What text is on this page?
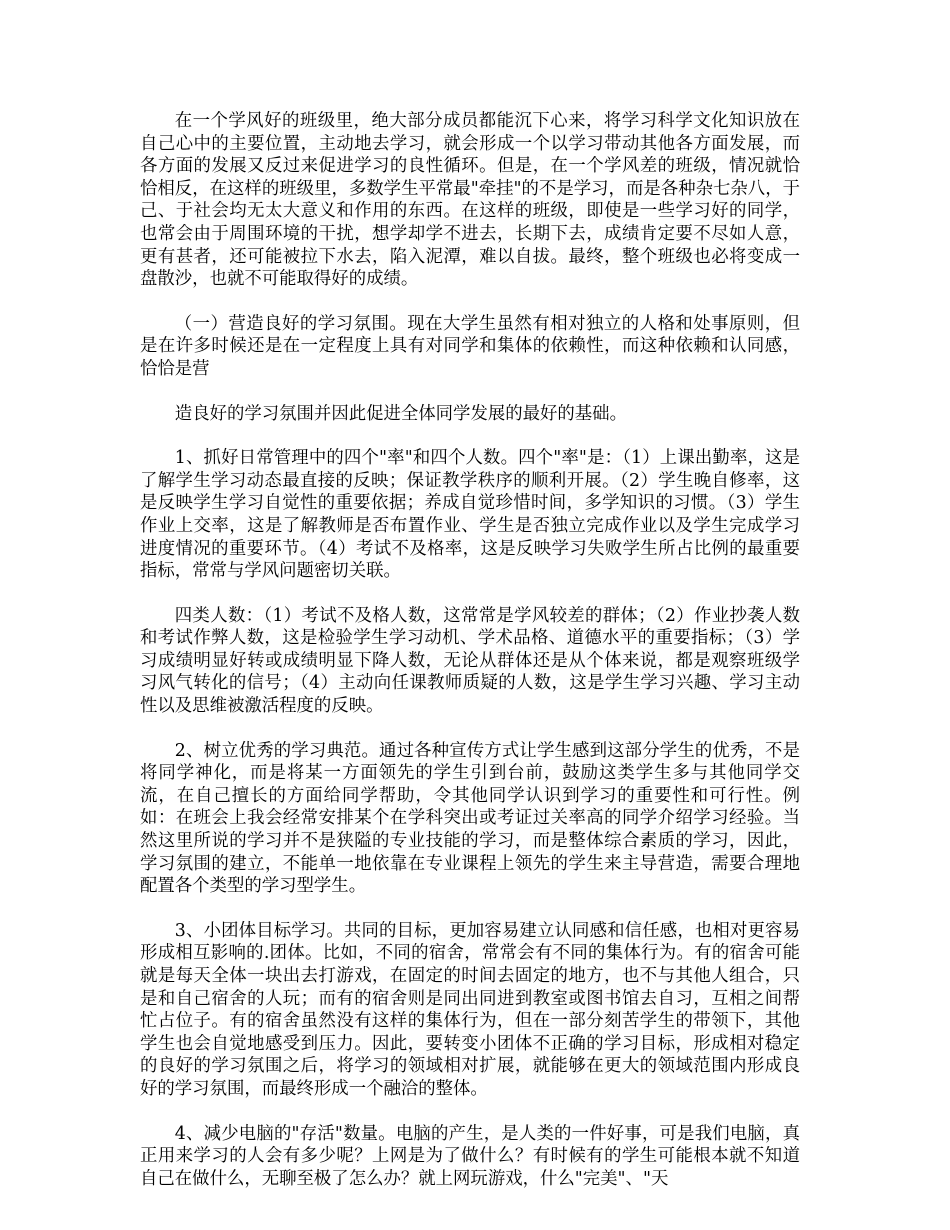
在一个学风好的班级里，绝大部分成员都能沉下心来，将学习科学文化知识放在自己心中的主要位置，主动地去学习，就会形成一个以学习带动其他各方面发展，而各方面的发展又反过来促进学习的良性循环。但是，在一个学风差的班级，情况就恰恰相反，在这样的班级里，多数学生平常最"牵挂"的不是学习，而是各种杂七杂八，于己、于社会均无太大意义和作用的东西。在这样的班级，即使是一些学习好的同学，也常会由于周围环境的干扰，想学却学不进去，长期下去，成绩肯定要不尽如人意，更有甚者，还可能被拉下水去，陷入泥潭，难以自拔。最终，整个班级也必将变成一盘散沙，也就不可能取得好的成绩。

（一）营造良好的学习氛围。现在大学生虽然有相对独立的人格和处事原则，但是在许多时候还是在一定程度上具有对同学和集体的依赖性，而这种依赖和认同感，恰恰是营

造良好的学习氛围并因此促进全体同学发展的最好的基础。

1、抓好日常管理中的四个"率"和四个人数。四个"率"是：（1）上课出勤率，这是了解学生学习动态最直接的反映；保证教学秩序的顺利开展。（2）学生晚自修率，这是反映学生学习自觉性的重要依据；养成自觉珍惜时间，多学知识的习惯。（3）学生作业上交率，这是了解教师是否布置作业、学生是否独立完成作业以及学生完成学习进度情况的重要环节。（4）考试不及格率，这是反映学习失败学生所占比例的最重要指标，常常与学风问题密切关联。

四类人数：（1）考试不及格人数，这常常是学风较差的群体；（2）作业抄袭人数和考试作弊人数，这是检验学生学习动机、学术品格、道德水平的重要指标；（3）学习成绩明显好转或成绩明显下降人数，无论从群体还是从个体来说，都是观察班级学习风气转化的信号；（4）主动向任课教师质疑的人数，这是学生学习兴趣、学习主动性以及思维被激活程度的反映。

2、树立优秀的学习典范。通过各种宣传方式让学生感到这部分学生的优秀，不是将同学神化，而是将某一方面领先的学生引到台前，鼓励这类学生多与其他同学交流，在自己擅长的方面给同学帮助，令其他同学认识到学习的重要性和可行性。例如：在班会上我会经常安排某个在学科突出或考证过关率高的同学介绍学习经验。当然这里所说的学习并不是狭隘的专业技能的学习，而是整体综合素质的学习，因此，学习氛围的建立，不能单一地依靠在专业课程上领先的学生来主导营造，需要合理地配置各个类型的学习型学生。

3、小团体目标学习。共同的目标，更加容易建立认同感和信任感，也相对更容易形成相互影响的.团体。比如，不同的宿舍，常常会有不同的集体行为。有的宿舍可能就是每天全体一块出去打游戏，在固定的时间去固定的地方，也不与其他人组合，只是和自己宿舍的人玩；而有的宿舍则是同出同进到教室或图书馆去自习，互相之间帮忙占位子。有的宿舍虽然没有这样的集体行为，但在一部分刻苦学生的带领下，其他学生也会自觉地感受到压力。因此，要转变小团体不正确的学习目标，形成相对稳定的良好的学习氛围之后，将学习的领域相对扩展，就能够在更大的领域范围内形成良好的学习氛围，而最终形成一个融洽的整体。

4、减少电脑的"存活"数量。电脑的产生，是人类的一件好事，可是我们电脑，真正用来学习的人会有多少呢？上网是为了做什么？有时候有的学生可能根本就不知道自己在做什么，无聊至极了怎么办？就上网玩游戏，什么"完美"、"天
